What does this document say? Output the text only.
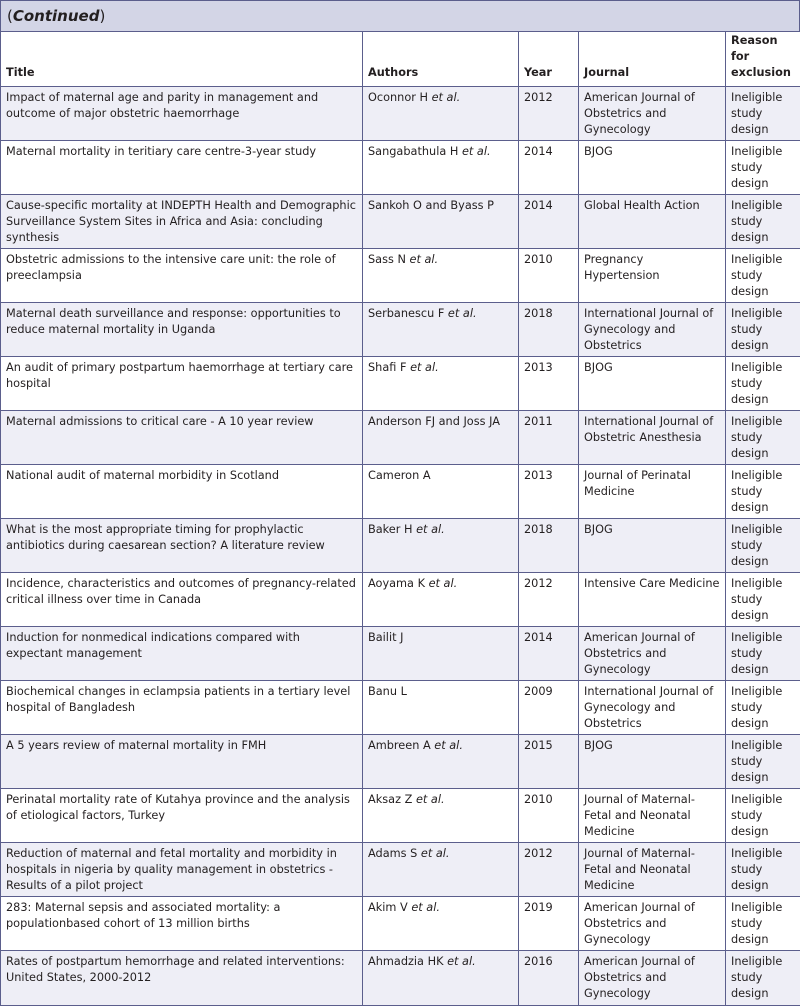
(Continued)
Title	Authors	Year	Journal	Reason for exclusion
Impact of maternal age and parity in management and outcome of major obstetric haemorrhage	Oconnor H et al.	2012	American Journal of Obstetrics and Gynecology	Ineligible study design
Maternal mortality in teritiary care centre-3-year study	Sangabathula H et al.	2014	BJOG	Ineligible study design
Cause-specific mortality at INDEPTH Health and Demographic Surveillance System Sites in Africa and Asia: concluding synthesis	Sankoh O and Byass P	2014	Global Health Action	Ineligible study design
Obstetric admissions to the intensive care unit: the role of preeclampsia	Sass N et al.	2010	Pregnancy Hypertension	Ineligible study design
Maternal death surveillance and response: opportunities to reduce maternal mortality in Uganda	Serbanescu F et al.	2018	International Journal of Gynecology and Obstetrics	Ineligible study design
An audit of primary postpartum haemorrhage at tertiary care hospital	Shafi F et al.	2013	BJOG	Ineligible study design
Maternal admissions to critical care - A 10 year review	Anderson FJ and Joss JA	2011	International Journal of Obstetric Anesthesia	Ineligible study design
National audit of maternal morbidity in Scotland	Cameron A	2013	Journal of Perinatal Medicine	Ineligible study design
What is the most appropriate timing for prophylactic antibiotics during caesarean section? A literature review	Baker H et al.	2018	BJOG	Ineligible study design
Incidence, characteristics and outcomes of pregnancy-related critical illness over time in Canada	Aoyama K et al.	2012	Intensive Care Medicine	Ineligible study design
Induction for nonmedical indications compared with expectant management	Bailit J	2014	American Journal of Obstetrics and Gynecology	Ineligible study design
Biochemical changes in eclampsia patients in a tertiary level hospital of Bangladesh	Banu L	2009	International Journal of Gynecology and Obstetrics	Ineligible study design
A 5 years review of maternal mortality in FMH	Ambreen A et al.	2015	BJOG	Ineligible study design
Perinatal mortality rate of Kutahya province and the analysis of etiological factors, Turkey	Aksaz Z et al.	2010	Journal of Maternal-Fetal and Neonatal Medicine	Ineligible study design
Reduction of maternal and fetal mortality and morbidity in hospitals in nigeria by quality management in obstetrics - Results of a pilot project	Adams S et al.	2012	Journal of Maternal-Fetal and Neonatal Medicine	Ineligible study design
283: Maternal sepsis and associated mortality: a populationbased cohort of 13 million births	Akim V et al.	2019	American Journal of Obstetrics and Gynecology	Ineligible study design
Rates of postpartum hemorrhage and related interventions: United States, 2000-2012	Ahmadzia HK et al.	2016	American Journal of Obstetrics and Gynecology	Ineligible study design
